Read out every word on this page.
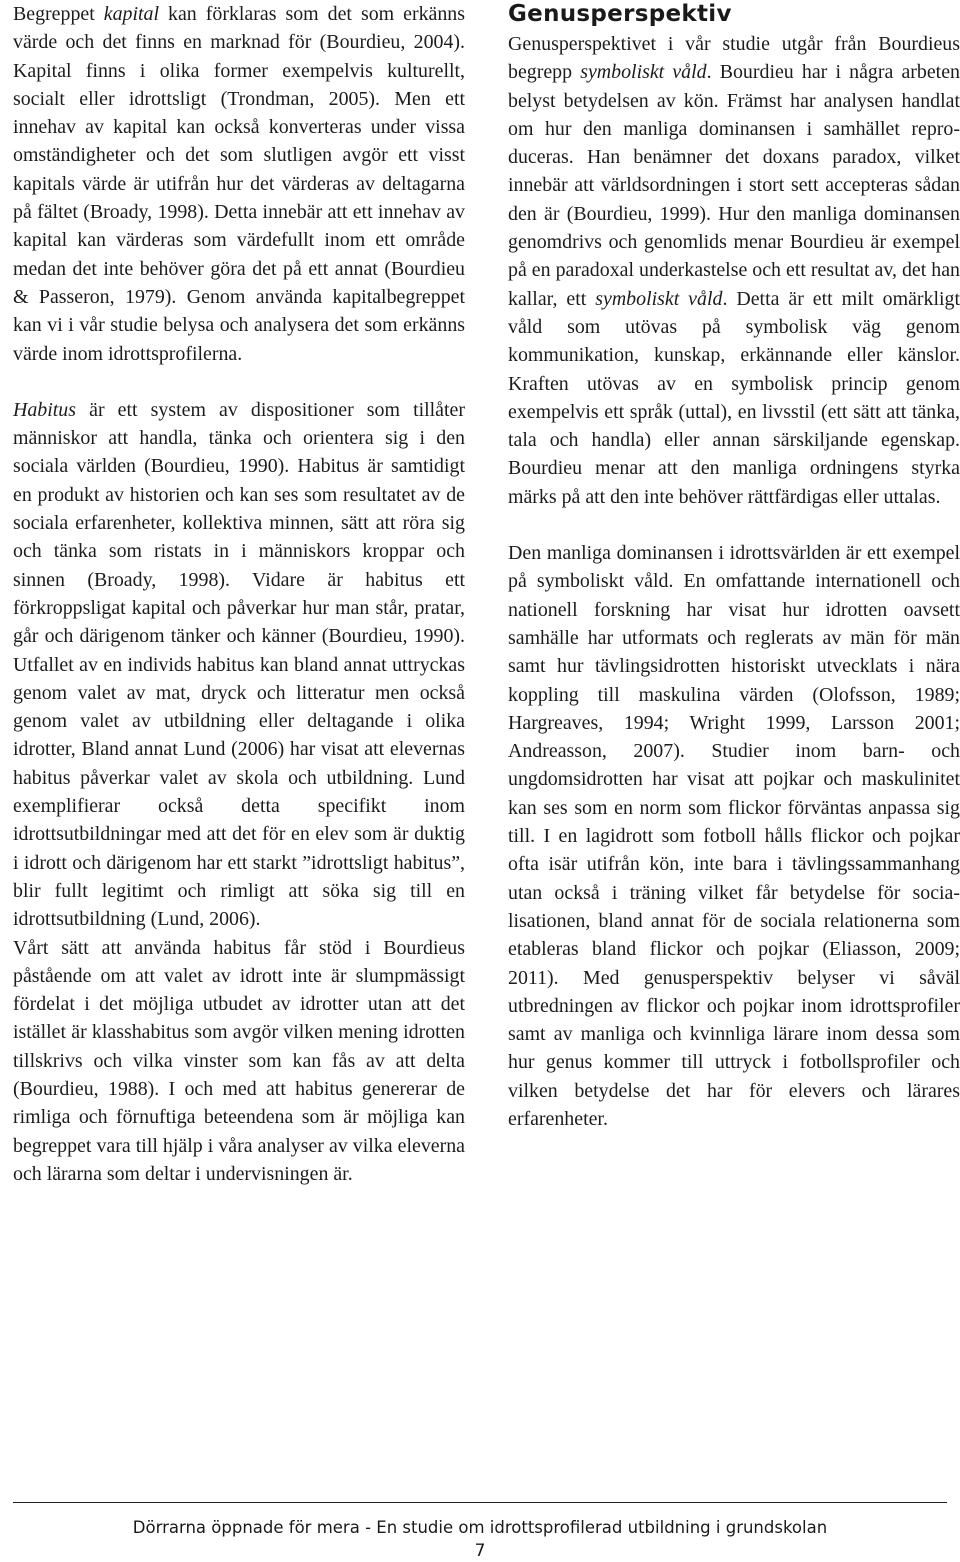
Begreppet kapital kan förklaras som det som erkänns värde och det finns en marknad för (Bourdieu, 2004). Kapital finns i olika former exempelvis kulturellt, socialt eller idrottsligt (Trondman, 2005). Men ett innehav av kapital kan också konverteras under vissa omständigheter och det som slutligen avgör ett visst kapitals värde är utifrån hur det värderas av deltagarna på fältet (Broady, 1998). Detta innebär att ett innehav av kapital kan värderas som värdefullt inom ett område medan det inte behöver göra det på ett annat (Bourdieu & Passeron, 1979). Genom använda kapitalbegreppet kan vi i vår studie belysa och analysera det som erkänns värde inom idrottsprofilerna.

Habitus är ett system av dispositioner som tillåter människor att handla, tänka och orientera sig i den sociala världen (Bourdieu, 1990). Habitus är samtidigt en produkt av historien och kan ses som resultatet av de sociala erfarenheter, kollektiva minnen, sätt att röra sig och tänka som ristats in i människors kroppar och sinnen (Broady, 1998). Vidare är habitus ett förkroppsligat kapital och påverkar hur man står, pratar, går och därigenom tänker och känner (Bourdieu, 1990). Utfallet av en individs habitus kan bland annat uttryckas genom valet av mat, dryck och litteratur men också genom valet av utbildning eller deltagande i olika idrotter, Bland annat Lund (2006) har visat att elevernas habitus påverkar valet av skola och utbildning. Lund exemplifierar också detta specifikt inom idrottsutbildningar med att det för en elev som är duktig i idrott och därigenom har ett starkt ”idrottsligt habitus”, blir fullt legitimt och rimligt att söka sig till en idrottsutbildning (Lund, 2006).

Vårt sätt att använda habitus får stöd i Bourdieus påstående om att valet av idrott inte är slumpmässigt fördelat i det möjliga utbudet av idrotter utan att det istället är klasshabitus som avgör vilken mening idrotten tillskrivs och vilka vinster som kan fås av att delta (Bourdieu, 1988). I och med att habitus genererar de rimliga och förnuftiga beteendena som är möjliga kan begreppet vara till hjälp i våra analyser av vilka eleverna och lärarna som deltar i undervisningen är.

Genusperspektiv

Genusperspektivet i vår studie utgår från Bourdieus begrepp symboliskt våld. Bourdieu har i några arbeten belyst betydelsen av kön. Främst har analysen handlat om hur den manliga dominansen i samhället reproduceras. Han benämner det doxans paradox, vilket innebär att världsordningen i stort sett accepteras sådan den är (Bourdieu, 1999). Hur den manliga dominansen genomdrivs och genomlids menar Bourdieu är exempel på en paradoxal underkastelse och ett resultat av, det han kallar, ett symboliskt våld. Detta är ett milt omärkligt våld som utövas på symbolisk väg genom kommunikation, kunskap, erkännande eller känslor. Kraften utövas av en symbolisk princip genom exempelvis ett språk (uttal), en livsstil (ett sätt att tänka, tala och handla) eller annan särskiljande egenskap. Bourdieu menar att den manliga ordningens styrka märks på att den inte behöver rättfärdigas eller uttalas.

Den manliga dominansen i idrottsvärlden är ett exempel på symboliskt våld. En omfattande internationell och nationell forskning har visat hur idrotten oavsett samhälle har utformats och reglerats av män för män samt hur tävlingsidrotten historiskt utvecklats i nära koppling till maskulina värden (Olofsson, 1989; Hargreaves, 1994; Wright 1999, Larsson 2001; Andreasson, 2007). Studier inom barn- och ungdomsidrotten har visat att pojkar och maskulinitet kan ses som en norm som flickor förväntas anpassa sig till. I en lagidrott som fotboll hålls flickor och pojkar ofta isär utifrån kön, inte bara i tävlingssammanhang utan också i träning vilket får betydelse för socialisationen, bland annat för de sociala relationerna som etableras bland flickor och pojkar (Eliasson, 2009; 2011). Med genusperspektiv belyser vi såväl utbredningen av flickor och pojkar inom idrottsprofiler samt av manliga och kvinnliga lärare inom dessa som hur genus kommer till uttryck i fotbollsprofiler och vilken betydelse det har för elevers och lärares erfarenheter.

Dörrarna öppnade för mera - En studie om idrottsprofilerad utbildning i grundskolan
7
